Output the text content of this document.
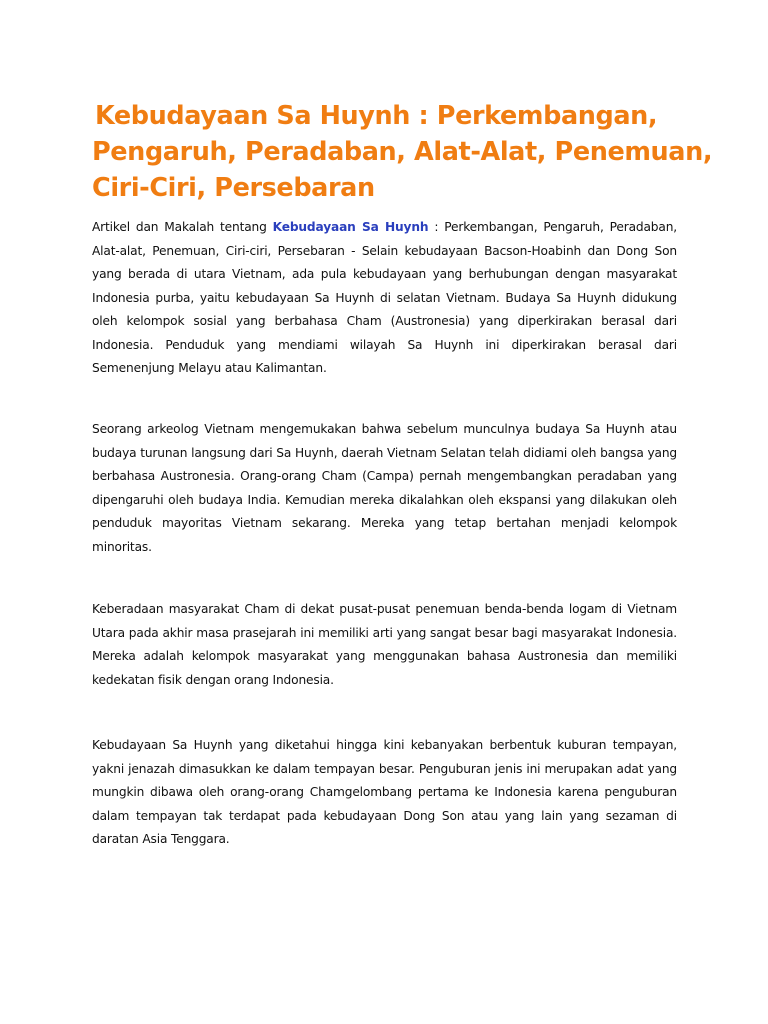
Kebudayaan Sa Huynh : Perkembangan,
Pengaruh, Peradaban, Alat-Alat, Penemuan,
Ciri-Ciri, Persebaran

Artikel dan Makalah tentang Kebudayaan Sa Huynh : Perkembangan, Pengaruh, Peradaban, Alat-alat, Penemuan, Ciri-ciri, Persebaran - Selain kebudayaan Bacson-Hoabinh dan Dong Son yang berada di utara Vietnam, ada pula kebudayaan yang berhubungan dengan masyarakat Indonesia purba, yaitu kebudayaan Sa Huynh di selatan Vietnam. Budaya Sa Huynh didukung oleh kelompok sosial yang berbahasa Cham (Austronesia) yang diperkirakan berasal dari Indonesia. Penduduk yang mendiami wilayah Sa Huynh ini diperkirakan berasal dari Semenenjung Melayu atau Kalimantan.

Seorang arkeolog Vietnam mengemukakan bahwa sebelum munculnya budaya Sa Huynh atau budaya turunan langsung dari Sa Huynh, daerah Vietnam Selatan telah didiami oleh bangsa yang berbahasa Austronesia. Orang-orang Cham (Campa) pernah mengembangkan peradaban yang dipengaruhi oleh budaya India. Kemudian mereka dikalahkan oleh ekspansi yang dilakukan oleh penduduk mayoritas Vietnam sekarang. Mereka yang tetap bertahan menjadi kelompok minoritas.

Keberadaan masyarakat Cham di dekat pusat-pusat penemuan benda-benda logam di Vietnam Utara pada akhir masa prasejarah ini memiliki arti yang sangat besar bagi masyarakat Indonesia. Mereka adalah kelompok masyarakat yang menggunakan bahasa Austronesia dan memiliki kedekatan fisik dengan orang Indonesia.

Kebudayaan Sa Huynh yang diketahui hingga kini kebanyakan berbentuk kuburan tempayan, yakni jenazah dimasukkan ke dalam tempayan besar. Penguburan jenis ini merupakan adat yang mungkin dibawa oleh orang-orang Chamgelombang pertama ke Indonesia karena penguburan dalam tempayan tak terdapat pada kebudayaan Dong Son atau yang lain yang sezaman di daratan Asia Tenggara.
